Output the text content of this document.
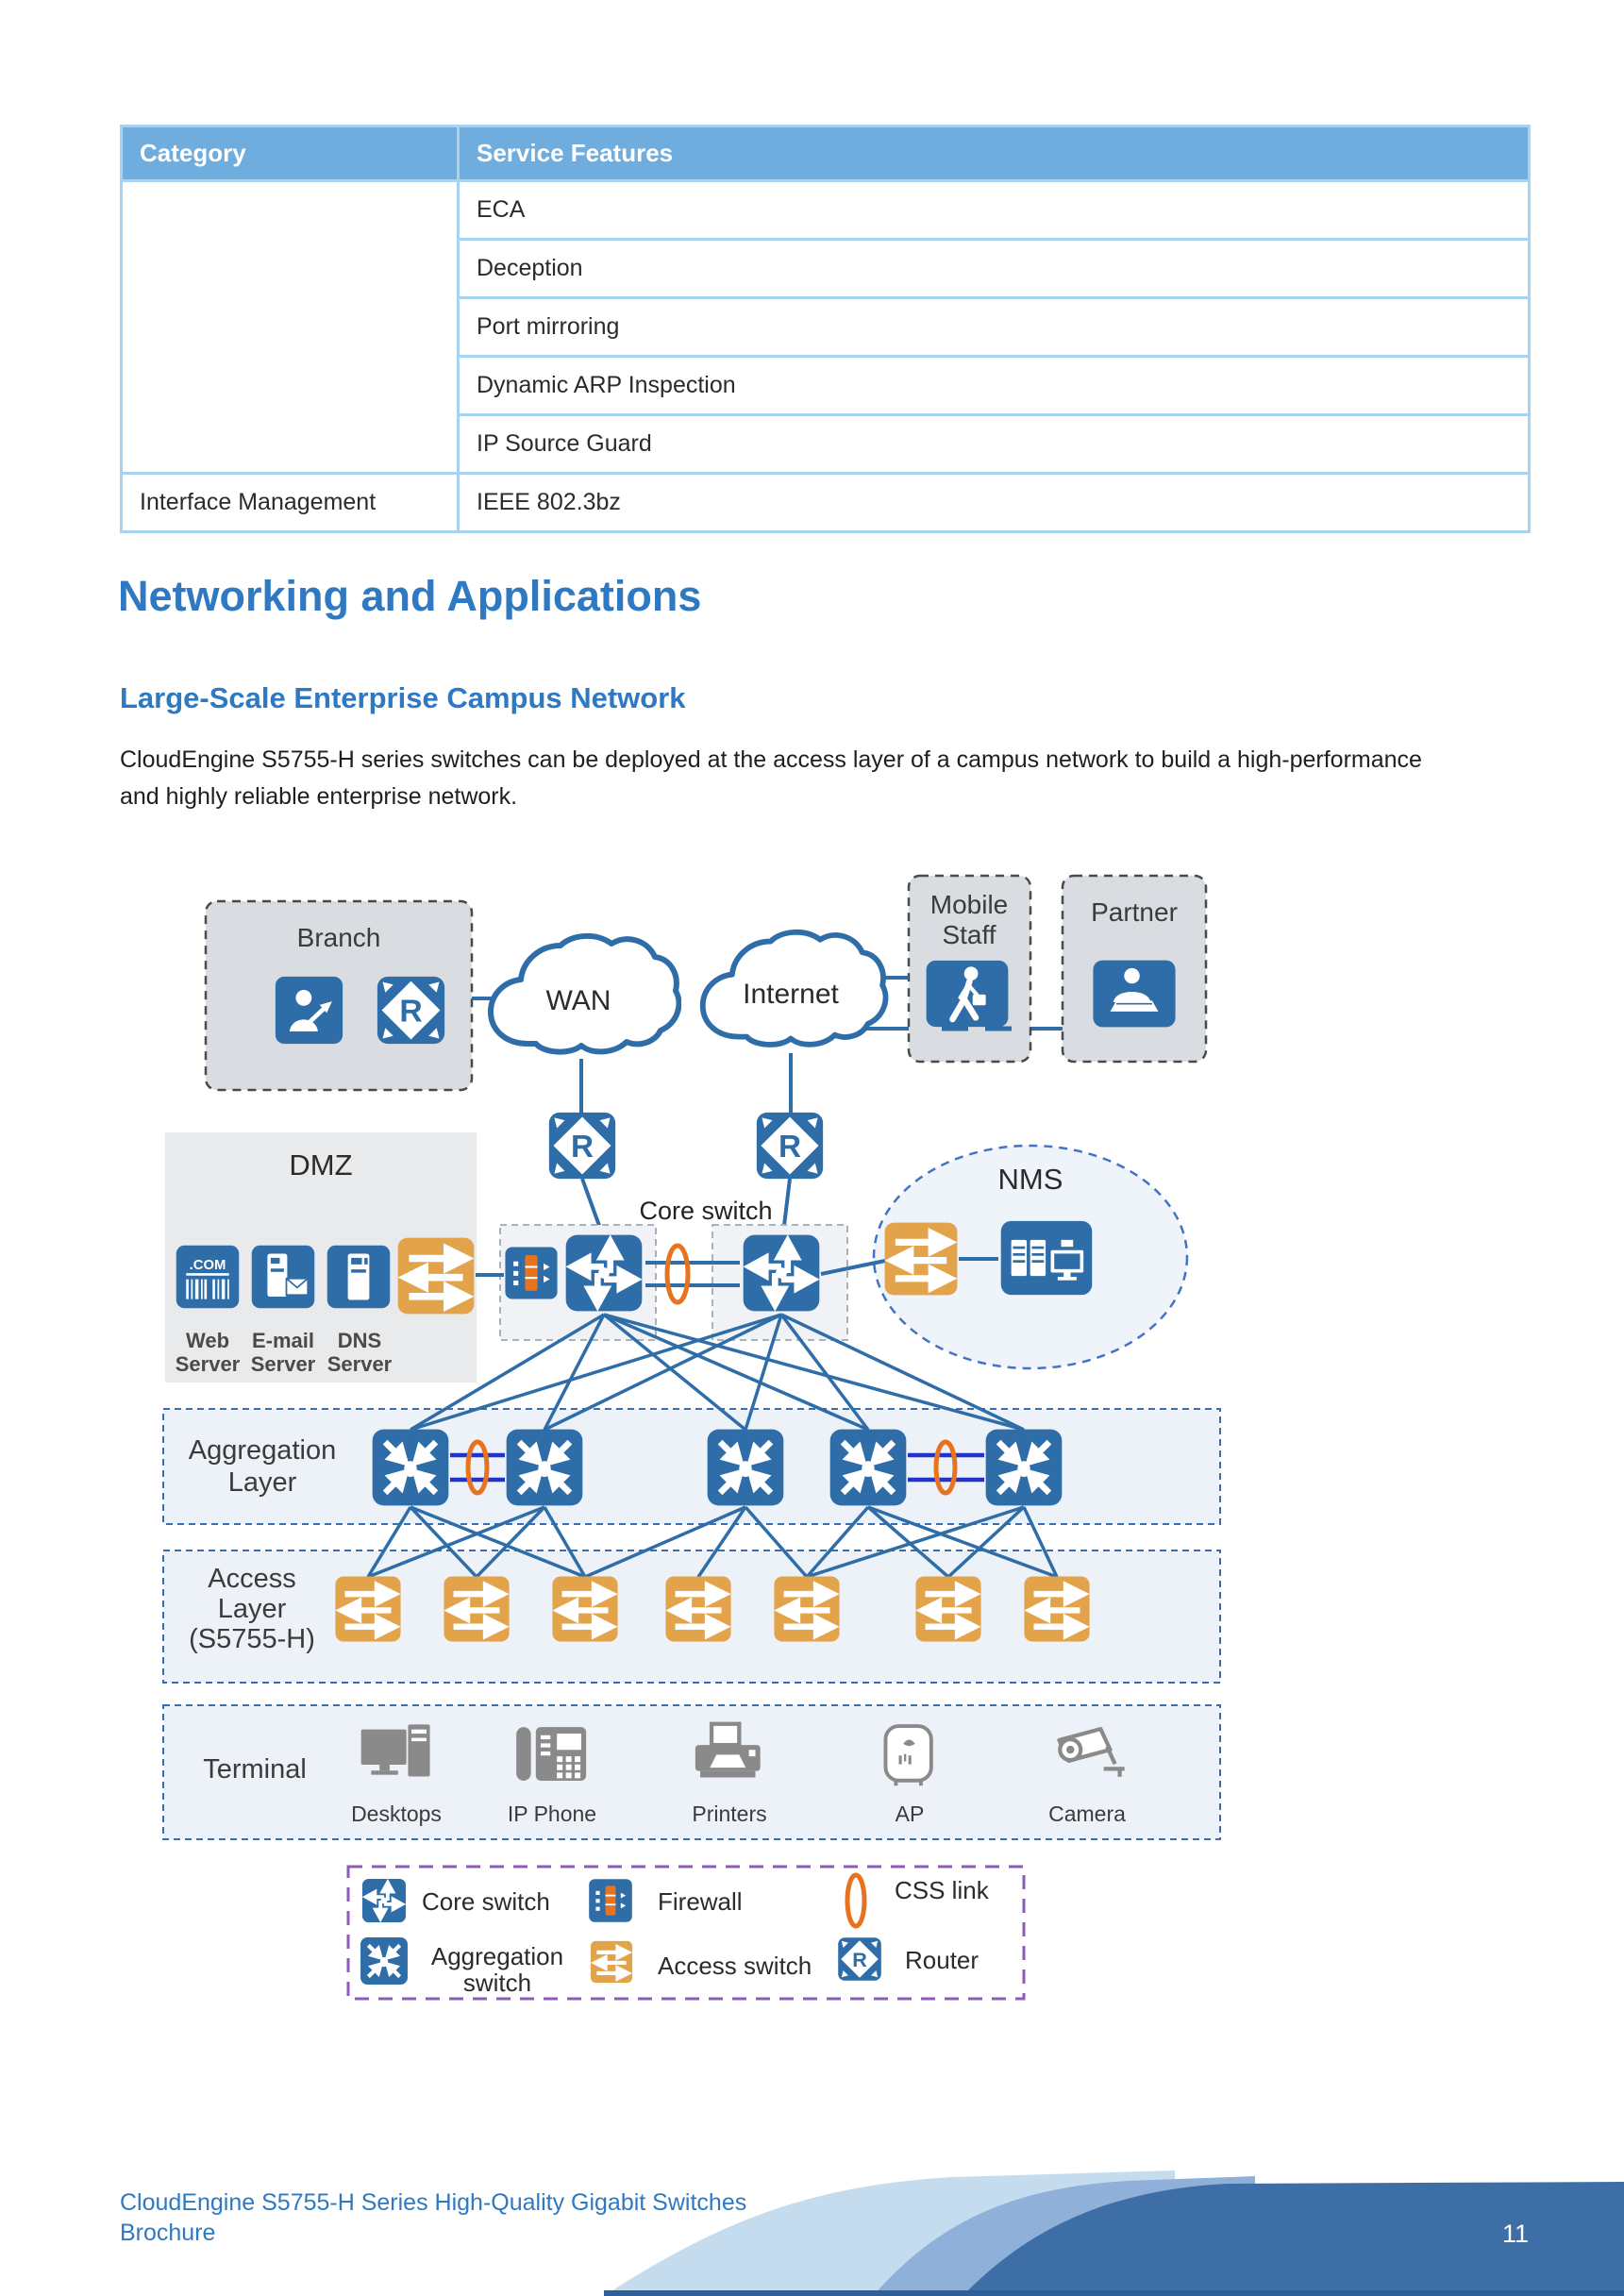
Category	Service Features
	ECA
	Deception
	Port mirroring
	Dynamic ARP Inspection
	IP Source Guard
Interface Management	IEEE 802.3bz
Networking and Applications
Large-Scale Enterprise Campus Network
CloudEngine S5755-H series switches can be deployed at the access layer of a campus network to build a high-performance
and highly reliable enterprise network.
Branch
Mobile
Staff
Partner
WAN	Internet
Core switch
DMZ	NMS
Aggregation
Layer
Access
Layer
(S5755-H)
Terminal
Web
Server
E-mail
Server
DNS
Server
Desktops	IP Phone	Printers	AP	Camera
Core switch	Firewall	CSS link
Aggregation
switch
Access switch	Router
CloudEngine S5755-H Series High-Quality Gigabit Switches
Brochure	11
